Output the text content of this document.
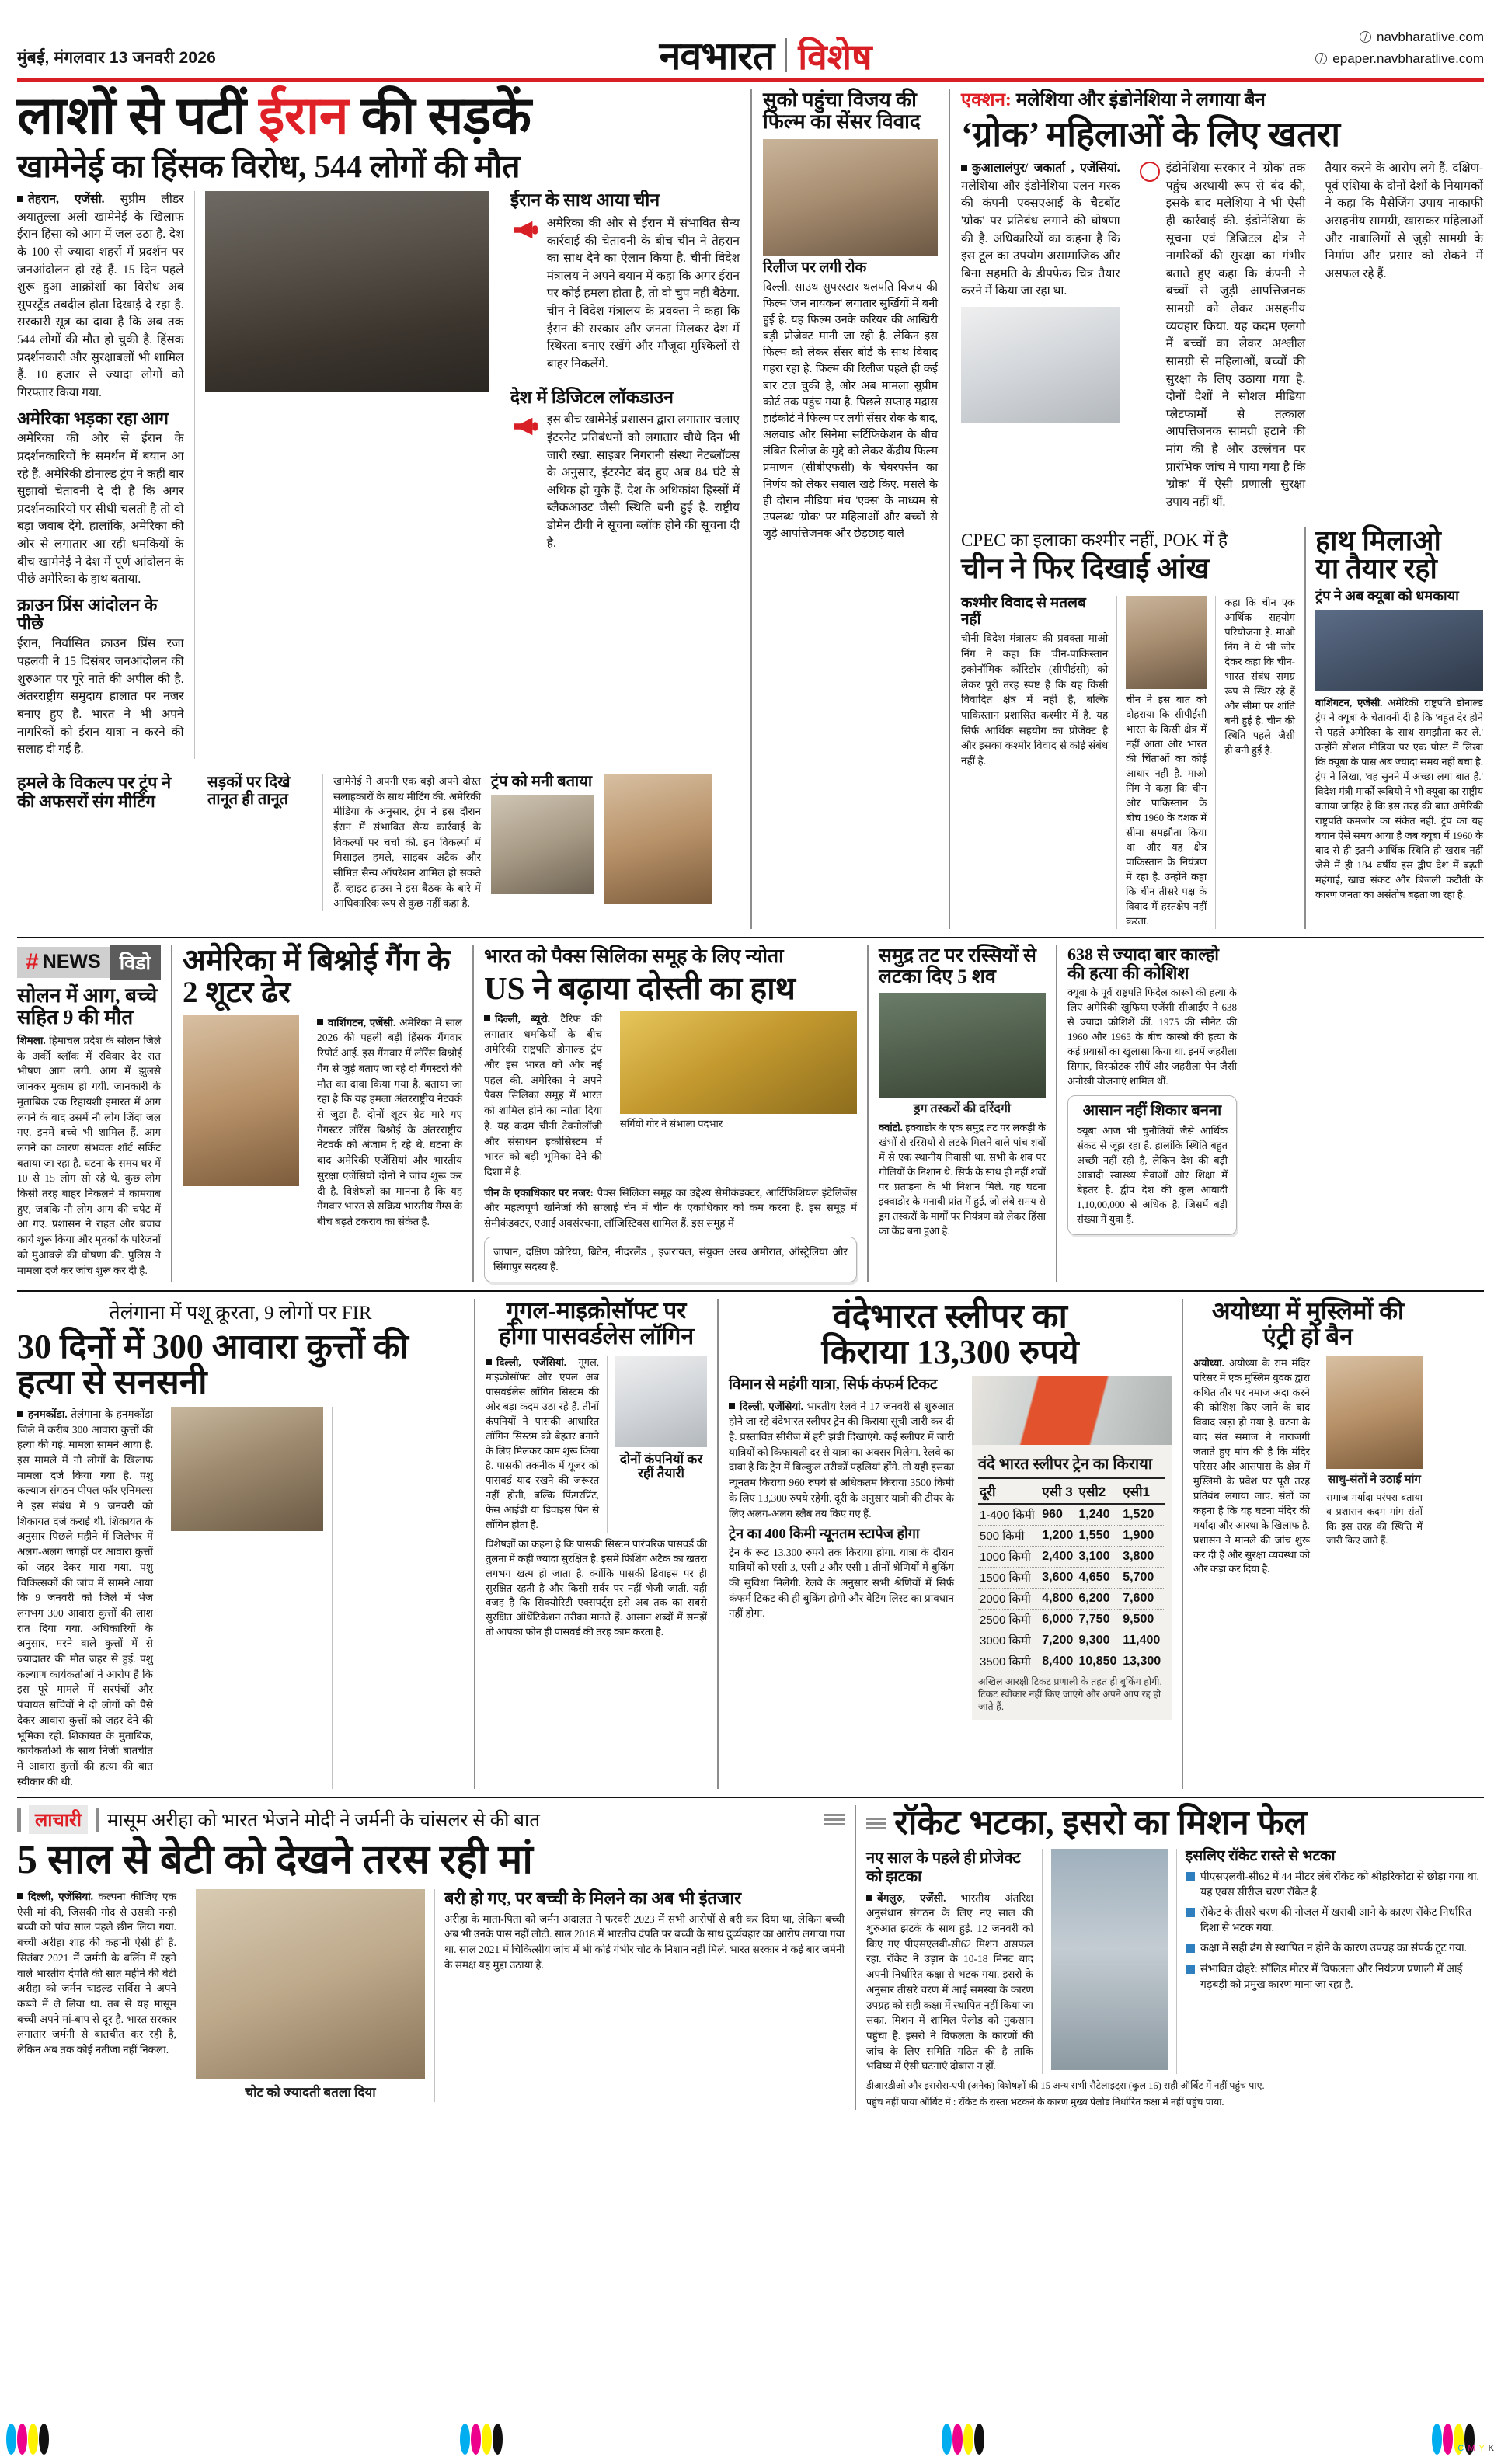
मुंबई, मंगलवार 13 जनवरी 2026	नवभारत विशेष
navbharatlive.com
epaper.navbharatlive.com
लाशों से पटीं ईरान की सड़कें
खामेनेई का हिंसक विरोध, 544 लोगों की मौत

तेहरान, एजेंसी. सुप्रीम लीडर अयातुल्ला अली खामेनेई के खिलाफ ईरान हिंसा को आग में जल उठा है. देश के 100 से ज्यादा शहरों में प्रदर्शन पर जनआंदोलन हो रहे हैं. 15 दिन पहले शुरू हुआ आक्रोशों का विरोध अब सुपरट्रेंड तबदील होता दिखाई दे रहा है. सरकारी सूत्र का दावा है कि अब तक 544 लोगों की मौत हो चुकी है. हिंसक प्रदर्शनकारी और सुरक्षाबलों भी शामिल हैं. 10 हजार से ज्यादा लोगों को गिरफ्तार किया गया.

अमेरिका भड़का रहा आग

अमेरिका की ओर से ईरान के प्रदर्शनकारियों के समर्थन में बयान आ रहे हैं. अमेरिकी डोनाल्ड ट्रंप ने कहीं बार सुझावों चेतावनी दे दी है कि अगर प्रदर्शनकारियों पर सीधी चलती है तो वो बड़ा जवाब देंगे. हालांकि, अमेरिका की ओर से लगातार आ रही धमकियों के बीच खामेनेई ने देश में पूर्ण आंदोलन के पीछे अमेरिका के हाथ बताया.

क्राउन प्रिंस आंदोलन के पीछे

ईरान, निर्वासित क्राउन प्रिंस रजा पहलवी ने 15 दिसंबर जनआंदोलन की शुरुआत पर पूरे नाते की अपील की है. अंतरराष्ट्रीय समुदाय हालात पर नजर बनाए हुए है. भारत ने भी अपने नागरिकों को ईरान यात्रा न करने की सलाह दी गई है.

ईरान के साथ आया चीन

अमेरिका की ओर से ईरान में संभावित सैन्य कार्रवाई की चेतावनी के बीच चीन ने तेहरान का साथ देने का ऐलान किया है. चीनी विदेश मंत्रालय ने अपने बयान में कहा कि अगर ईरान पर कोई हमला होता है, तो वो चुप नहीं बैठेगा. चीन ने विदेश मंत्रालय के प्रवक्ता ने कहा कि ईरान की सरकार और जनता मिलकर देश में स्थिरता बनाए रखेंगे और मौजूदा मुश्किलों से बाहर निकलेंगे.

देश में डिजिटल लॉकडाउन

इस बीच खामेनेई प्रशासन द्वारा लगातार चलाए इंटरनेट प्रतिबंधनों को लगातार चौथे दिन भी जारी रखा. साइबर निगरानी संस्था नेटब्लॉक्स के अनुसार, इंटरनेट बंद हुए अब 84 घंटे से अधिक हो चुके हैं. देश के अधिकांश हिस्सों में ब्लैकआउट जैसी स्थिति बनी हुई है. राष्ट्रीय डोमेन टीवी ने सूचना ब्लॉक होने की सूचना दी है.

हमले के विकल्प पर ट्रंप ने की अफसरों संग मीटिंग
सड़कों पर दिखे तानूत ही तानूत

खामेनेई ने अपनी एक बड़ी अपने दोस्त सलाहकारों के साथ मीटिंग की. अमेरिकी मीडिया के अनुसार, ट्रंप ने इस दौरान ईरान में संभावित सैन्य कार्रवाई के विकल्पों पर चर्चा की. इन विकल्पों में मिसाइल हमले, साइबर अटैक और सीमित सैन्य ऑपरेशन शामिल हो सकते हैं. व्हाइट हाउस ने इस बैठक के बारे में आधिकारिक रूप से कुछ नहीं कहा है.

ट्रंप को मनी बताया
सुको पहुंचा विजय की फिल्म का सेंसर विवाद
रिलीज पर लगी रोक

दिल्ली. साउथ सुपरस्टार थलपति विजय की फिल्म 'जन नायकन' लगातार सुर्खियों में बनी हुई है. यह फिल्म उनके करियर की आखिरी बड़ी प्रोजेक्ट मानी जा रही है. लेकिन इस फिल्म को लेकर सेंसर बोर्ड के साथ विवाद गहरा रहा है. फिल्म की रिलीज पहले ही कई बार टल चुकी है, और अब मामला सुप्रीम कोर्ट तक पहुंच गया है. पिछले सप्ताह मद्रास हाईकोर्ट ने फिल्म पर लगी सेंसर रोक के बाद, अलवाड और सिनेमा सर्टिफिकेशन के बीच लंबित रिलीज के मुद्दे को लेकर केंद्रीय फिल्म प्रमाणन (सीबीएफसी) के चेयरपर्सन का निर्णय को लेकर सवाल खड़े किए. मसले के ही दौरान मीडिया मंच 'एक्स' के माध्यम से उपलब्ध 'ग्रोक' पर महिलाओं और बच्चों से जुड़े आपत्तिजनक और छेड़छाड़ वाले

एक्शन: मलेशिया और इंडोनेशिया ने लगाया बैन
‘ग्रोक’ महिलाओं के लिए खतरा

कुआलालंपुर/ जकार्ता , एजेंसियां. मलेशिया और इंडोनेशिया एलन मस्क की कंपनी एक्सएआई के चैटबॉट 'ग्रोक' पर प्रतिबंध लगाने की घोषणा की है. अधिकारियों का कहना है कि इस टूल का उपयोग असामाजिक और बिना सहमति के डीपफेक चित्र तैयार करने में किया जा रहा था.

इंडोनेशिया सरकार ने 'ग्रोक' तक पहुंच अस्थायी रूप से बंद की, इसके बाद मलेशिया ने भी ऐसी ही कार्रवाई की. इंडोनेशिया के सूचना एवं डिजिटल क्षेत्र ने नागरिकों की सुरक्षा का गंभीर बताते हुए कहा कि कंपनी ने बच्चों से जुड़ी आपत्तिजनक सामग्री को लेकर असहनीय व्यवहार किया. यह कदम एलगो में बच्चों का लेकर अश्लील सामग्री से महिलाओं, बच्चों की सुरक्षा के लिए उठाया गया है. दोनों देशों ने सोशल मीडिया प्लेटफार्मों से तत्काल आपत्तिजनक सामग्री हटाने की मांग की है और उल्लंघन पर प्रारंभिक जांच में पाया गया है कि 'ग्रोक' में ऐसी प्रणाली सुरक्षा उपाय नहीं थीं.

तैयार करने के आरोप लगे हैं. दक्षिण-पूर्व एशिया के दोनों देशों के नियामकों ने कहा कि मैसेजिंग उपाय नाकाफी असहनीय सामग्री, खासकर महिलाओं और नाबालिगों से जुड़ी सामग्री के निर्माण और प्रसार को रोकने में असफल रहे हैं.

CPEC का इलाका कश्मीर नहीं, POK में है
चीन ने फिर दिखाई आंख
कश्मीर विवाद से मतलब नहीं

चीनी विदेश मंत्रालय की प्रवक्ता माओ निंग ने कहा कि चीन-पाकिस्तान इकोनॉमिक कॉरिडोर (सीपीईसी) को लेकर पूरी तरह स्पष्ट है कि यह किसी विवादित क्षेत्र में नहीं है, बल्कि पाकिस्तान प्रशासित कश्मीर में है. यह सिर्फ आर्थिक सहयोग का प्रोजेक्ट है और इसका कश्मीर विवाद से कोई संबंध नहीं है.

चीन ने इस बात को दोहराया कि सीपीईसी भारत के किसी क्षेत्र में नहीं आता और भारत की चिंताओं का कोई आधार नहीं है. माओ निंग ने कहा कि चीन और पाकिस्तान के बीच 1960 के दशक में सीमा समझौता किया था और यह क्षेत्र पाकिस्तान के नियंत्रण में रहा है. उन्होंने कहा कि चीन तीसरे पक्ष के विवाद में हस्तक्षेप नहीं करता.

कहा कि चीन एक आर्थिक सहयोग परियोजना है. माओ निंग ने ये भी जोर देकर कहा कि चीन-भारत संबंध समग्र रूप से स्थिर रहे हैं और सीमा पर शांति बनी हुई है. चीन की स्थिति पहले जैसी ही बनी हुई है.

हाथ मिलाओ
या तैयार रहो
ट्रंप ने अब क्यूबा को धमकाया

वाशिंगटन, एजेंसी. अमेरिकी राष्ट्रपति डोनाल्ड ट्रंप ने क्यूबा के चेतावनी दी है कि 'बहुत देर होने से पहले अमेरिका के साथ समझौता कर लें.' उन्होंने सोशल मीडिया पर एक पोस्ट में लिखा कि क्यूबा के पास अब ज्यादा समय नहीं बचा है. ट्रंप ने लिखा, 'वह सुनने में अच्छा लगा बात है.' विदेश मंत्री मार्को रूबियो ने भी क्यूबा का राष्ट्रीय बताया जाहिर है कि इस तरह की बात अमेरिकी राष्ट्रपति कमजोर का संकेत नहीं. ट्रंप का यह बयान ऐसे समय आया है जब क्यूबा में 1960 के बाद से ही इतनी आर्थिक स्थिति ही खराब नहीं जैसे में ही 184 वर्षीय इस द्वीप देश में बढ़ती महंगाई, खाद्य संकट और बिजली कटौती के कारण जनता का असंतोष बढ़ता जा रहा है.

# NEWS विडो
सोलन में आग, बच्चे सहित 9 की मौत

शिमला. हिमाचल प्रदेश के सोलन जिले के अर्की ब्लॉक में रविवार देर रात भीषण आग लगी. आग में झुलसे जानकर मुकाम हो गयी. जानकारी के मुताबिक एक रिहायशी इमारत में आग लगने के बाद उसमें नौ लोग जिंदा जल गए. इनमें बच्चे भी शामिल हैं. आग लगने का कारण संभवतः शॉर्ट सर्किट बताया जा रहा है. घटना के समय घर में 10 से 15 लोग सो रहे थे. कुछ लोग किसी तरह बाहर निकलने में कामयाब हुए, जबकि नौ लोग आग की चपेट में आ गए. प्रशासन ने राहत और बचाव कार्य शुरू किया और मृतकों के परिजनों को मुआवजे की घोषणा की. पुलिस ने मामला दर्ज कर जांच शुरू कर दी है.

अमेरिका में बिश्नोई गैंग के 2 शूटर ढेर

वाशिंगटन, एजेंसी. अमेरिका में साल 2026 की पहली बड़ी हिंसक गैंगवार रिपोर्ट आई. इस गैंगवार में लॉरेंस बिश्नोई गैंग से जुड़े बताए जा रहे दो गैंगस्टरों की मौत का दावा किया गया है. बताया जा रहा है कि यह हमला अंतरराष्ट्रीय नेटवर्क से जुड़ा है. दोनों शूटर ग्रेट मारे गए गैंगस्टर लॉरेंस बिश्नोई के अंतरराष्ट्रीय नेटवर्क को अंजाम दे रहे थे. घटना के बाद अमेरिकी एजेंसियां और भारतीय सुरक्षा एजेंसियों दोनों ने जांच शुरू कर दी है. विशेषज्ञों का मानना है कि यह गैंगवार भारत से सक्रिय भारतीय गैंग्स के बीच बढ़ते टकराव का संकेत है.

भारत को पैक्स सिलिका समूह के लिए न्योता
US ने बढ़ाया दोस्ती का हाथ

दिल्ली, ब्यूरो. टैरिफ की लगातार धमकियों के बीच अमेरिकी राष्ट्रपति डोनाल्ड ट्रंप और इस भारत को ओर नई पहल की. अमेरिका ने अपने पैक्स सिलिका समूह में भारत को शामिल होने का न्योता दिया है. यह कदम चीनी टेक्नोलॉजी और संसाधन इकोसिस्टम में भारत को बड़ी भूमिका देने की दिशा में है.

सर्गियो गोर ने संभाला पदभार

चीन के एकाधिकार पर नजर: पैक्स सिलिका समूह का उद्देश्य सेमीकंडक्टर, आर्टिफिशियल इंटेलिजेंस और महत्वपूर्ण खनिजों की सप्लाई चेन में चीन के एकाधिकार को कम करना है. इस समूह में सेमीकंडक्टर, एआई अवसंरचना, लॉजिस्टिक्स शामिल हैं. इस समूह में

जापान, दक्षिण कोरिया, ब्रिटेन, नीदरलैंड , इजरायल, संयुक्त अरब अमीरात, ऑस्ट्रेलिया और सिंगापुर सदस्य हैं.

समुद्र तट पर रस्सियों से लटका दिए 5 शव
ड्रग तस्करों की दरिंदगी

क्वांटो. इक्वाडोर के एक समुद्र तट पर लकड़ी के खंभों से रस्सियों से लटके मिलने वाले पांच शवों में से एक स्थानीय निवासी था. सभी के शव पर गोलियों के निशान थे. सिर्फ के साथ ही नहीं शवों पर प्रताड़ना के भी निशान मिले. यह घटना इक्वाडोर के मनाबी प्रांत में हुई, जो लंबे समय से ड्रग तस्करों के मार्गों पर नियंत्रण को लेकर हिंसा का केंद्र बना हुआ है.

638 से ज्यादा बार काल्हो की हत्या की कोशिश

क्यूबा के पूर्व राष्ट्रपति फिदेल कास्त्रो की हत्या के लिए अमेरिकी खुफिया एजेंसी सीआईए ने 638 से ज्यादा कोशिशें कीं. 1975 की सीनेट की 1960 और 1965 के बीच कास्त्रो की हत्या के कई प्रयासों का खुलासा किया था. इनमें जहरीला सिगार, विस्फोटक सीपें और जहरीला पेन जैसी अनोखी योजनाएं शामिल थीं.

आसान नहीं शिकार बनना

क्यूबा आज भी चुनौतियों जैसे आर्थिक संकट से जूझ रहा है. हालांकि स्थिति बहुत अच्छी नहीं रही है, लेकिन देश की बड़ी आबादी स्वास्थ्य सेवाओं और शिक्षा में बेहतर है. द्वीप देश की कुल आबादी 1,10,00,000 से अधिक है, जिसमें बड़ी संख्या में युवा हैं.

तेलंगाना में पशू क्रूरता, 9 लोगों पर FIR
30 दिनों में 300 आवारा कुत्तों की हत्या से सनसनी

हनमकोंडा. तेलंगाना के हनमकोंडा जिले में करीब 300 आवारा कुत्तों की हत्या की गई. मामला सामने आया है. इस मामले में नौ लोगों के खिलाफ मामला दर्ज किया गया है. पशु कल्याण संगठन पीपल फॉर एनिमल्स ने इस संबंध में 9 जनवरी को शिकायत दर्ज कराई थी. शिकायत के अनुसार पिछले महीने में जिलेभर में अलग-अलग जगहों पर आवारा कुत्तों को जहर देकर मारा गया. पशु चिकित्सकों की जांच में सामने आया कि 9 जनवरी को जिले में भेज लगभग 300 आवारा कुत्तों की लाश रात दिया गया. अधिकारियों के अनुसार, मरने वाले कुत्तों में से ज्यादातर की मौत जहर से हुई. पशु कल्याण कार्यकर्ताओं ने आरोप है कि इस पूरे मामले में सरपंचों और पंचायत सचिवों ने दो लोगों को पैसे देकर आवारा कुत्तों को जहर देने की भूमिका रही. शिकायत के मुताबिक, कार्यकर्ताओं के साथ निजी बातचीत में आवारा कुत्तों की हत्या की बात स्वीकार की थी.

गूगल-माइक्रोसॉफ्ट पर होगा पासवर्डलेस लॉगिन

दिल्ली, एजेंसियां. गूगल, माइक्रोसॉफ्ट और एपल अब पासवर्डलेस लॉगिन सिस्टम की ओर बड़ा कदम उठा रहे हैं. तीनों कंपनियों ने पासकी आधारित लॉगिन सिस्टम को बेहतर बनाने के लिए मिलकर काम शुरू किया है. पासकी तकनीक में यूजर को पासवर्ड याद रखने की जरूरत नहीं होती, बल्कि फिंगरप्रिंट, फेस आईडी या डिवाइस पिन से लॉगिन होता है.

दोनों कंपनियों कर रहीं तैयारी

विशेषज्ञों का कहना है कि पासकी सिस्टम पारंपरिक पासवर्ड की तुलना में कहीं ज्यादा सुरक्षित है. इसमें फिशिंग अटैक का खतरा लगभग खत्म हो जाता है, क्योंकि पासकी डिवाइस पर ही सुरक्षित रहती है और किसी सर्वर पर नहीं भेजी जाती. यही वजह है कि सिक्योरिटी एक्सपर्ट्स इसे अब तक का सबसे सुरक्षित ऑथेंटिकेशन तरीका मानते हैं. आसान शब्दों में समझें तो आपका फोन ही पासवर्ड की तरह काम करता है.

वंदेभारत स्लीपर का
किराया 13,300 रुपये
विमान से महंगी यात्रा, सिर्फ कंफर्म टिकट

दिल्ली, एजेंसियां. भारतीय रेलवे ने 17 जनवरी से शुरुआत होने जा रहे वंदेभारत स्लीपर ट्रेन की किराया सूची जारी कर दी है. प्रस्तावित सीरीज में हरी झंडी दिखाएंगे. कई स्लीपर में जारी यात्रियों को किफायती दर से यात्रा का अवसर मिलेगा. रेलवे का दावा है कि ट्रेन में बिल्कुल तरीकों पहलियां होंगे. तो यही इसका न्यूनतम किराया 960 रुपये से अधिकतम किराया 3500 किमी के लिए 13,300 रुपये रहेगी. दूरी के अनुसार यात्री की टीयर के लिए अलग-अलग स्लैब तय किए गए हैं.

ट्रेन का 400 किमी न्यूनतम स्टापेज होगा

ट्रेन के रूट 13,300 रुपये तक किराया होगा. यात्रा के दौरान यात्रियों को एसी 3, एसी 2 और एसी 1 तीनों श्रेणियों में बुकिंग की सुविधा मिलेगी. रेलवे के अनुसार सभी श्रेणियों में सिर्फ कंफर्म टिकट की ही बुकिंग होगी और वेटिंग लिस्ट का प्रावधान नहीं होगा.

वंदे भारत स्लीपर ट्रेन का किराया
दूरी	एसी 3	एसी2	एसी1
1-400 किमी	960	1,240	1,520
500 किमी	1,200	1,550	1,900
1000 किमी	2,400	3,100	3,800
1500 किमी	3,600	4,650	5,700
2000 किमी	4,800	6,200	7,600
2500 किमी	6,000	7,750	9,500
3000 किमी	7,200	9,300	11,400
3500 किमी	8,400	10,850	13,300
अखिल आरक्षी टिकट प्रणाली के तहत ही बुकिंग होगी, टिकट स्वीकार नहीं किए जाएंगे और अपने आप रद्द हो जाते हैं.
अयोध्या में मुस्लिमों की एंट्री हो बैन

अयोध्या. अयोध्या के राम मंदिर परिसर में एक मुस्लिम युवक द्वारा कथित तौर पर नमाज अदा करने की कोशिश किए जाने के बाद विवाद खड़ा हो गया है. घटना के बाद संत समाज ने नाराजगी जताते हुए मांग की है कि मंदिर परिसर और आसपास के क्षेत्र में मुस्लिमों के प्रवेश पर पूरी तरह प्रतिबंध लगाया जाए. संतों का कहना है कि यह घटना मंदिर की मर्यादा और आस्था के खिलाफ है. प्रशासन ने मामले की जांच शुरू कर दी है और सुरक्षा व्यवस्था को और कड़ा कर दिया है.

साधु-संतों ने उठाई मांग

समाज मर्यादा परंपरा बताया व प्रशासन कदम मांग संतों कि इस तरह की स्थिति में जारी किए जाते हैं.

लाचारी	मासूम अरीहा को भारत भेजने मोदी ने जर्मनी के चांसलर से की बात
5 साल से बेटी को देखने तरस रही मां

दिल्ली, एजेंसियां. कल्पना कीजिए एक ऐसी मां की, जिसकी गोद से उसकी नन्ही बच्ची को पांच साल पहले छीन लिया गया. बच्ची अरीहा शाह की कहानी ऐसी ही है. सितंबर 2021 में जर्मनी के बर्लिन में रहने वाले भारतीय दंपति की सात महीने की बेटी अरीहा को जर्मन चाइल्ड सर्विस ने अपने कब्जे में ले लिया था. तब से यह मासूम बच्ची अपने मां-बाप से दूर है. भारत सरकार लगातार जर्मनी से बातचीत कर रही है, लेकिन अब तक कोई नतीजा नहीं निकला.

चोट को ज्यादती बतला दिया
बरी हो गए, पर बच्ची के मिलने का अब भी इंतजार

अरीहा के माता-पिता को जर्मन अदालत ने फरवरी 2023 में सभी आरोपों से बरी कर दिया था, लेकिन बच्ची अब भी उनके पास नहीं लौटी. साल 2018 में भारतीय दंपति पर बच्ची के साथ दुर्व्यवहार का आरोप लगाया गया था. साल 2021 में चिकित्सीय जांच में भी कोई गंभीर चोट के निशान नहीं मिले. भारत सरकार ने कई बार जर्मनी के समक्ष यह मुद्दा उठाया है.

रॉकेट भटका, इसरो का मिशन फेल
नए साल के पहले ही प्रोजेक्ट को झटका

बेंगलुरु, एजेंसी. भारतीय अंतरिक्ष अनुसंधान संगठन के लिए नए साल की शुरुआत झटके के साथ हुई. 12 जनवरी को किए गए पीएसएलवी-सी62 मिशन असफल रहा. रॉकेट ने उड़ान के 10-18 मिनट बाद अपनी निर्धारित कक्षा से भटक गया. इसरो के अनुसार तीसरे चरण में आई समस्या के कारण उपग्रह को सही कक्षा में स्थापित नहीं किया जा सका. मिशन में शामिल पेलोड को नुकसान पहुंचा है. इसरो ने विफलता के कारणों की जांच के लिए समिति गठित की है ताकि भविष्य में ऐसी घटनाएं दोबारा न हों.

इसलिए रॉकेट रास्ते से भटका
पीएसएलवी-सी62 में 44 मीटर लंबे रॉकेट को श्रीहरिकोटा से छोड़ा गया था. यह एक्स सीरीज चरण रॉकेट है.
रॉकेट के तीसरे चरण की नोजल में खराबी आने के कारण रॉकेट निर्धारित दिशा से भटक गया.
कक्षा में सही ढंग से स्थापित न होने के कारण उपग्रह का संपर्क टूट गया.
संभावित दोहरे: सॉलिड मोटर में विफलता और नियंत्रण प्रणाली में आई गड़बड़ी को प्रमुख कारण माना जा रहा है.

डीआरडीओ और इसरोस-एपी (अनेक) विशेषज्ञों की 15 अन्य सभी सैटेलाइट्स (कुल 16) सही ऑर्बिट में नहीं पहुंच पाए.

पहुंच नहीं पाया ऑर्बिट में : रॉकेट के रास्ता भटकने के कारण मुख्य पेलोड निर्धारित कक्षा में नहीं पहुंच पाया.

C M Y K
